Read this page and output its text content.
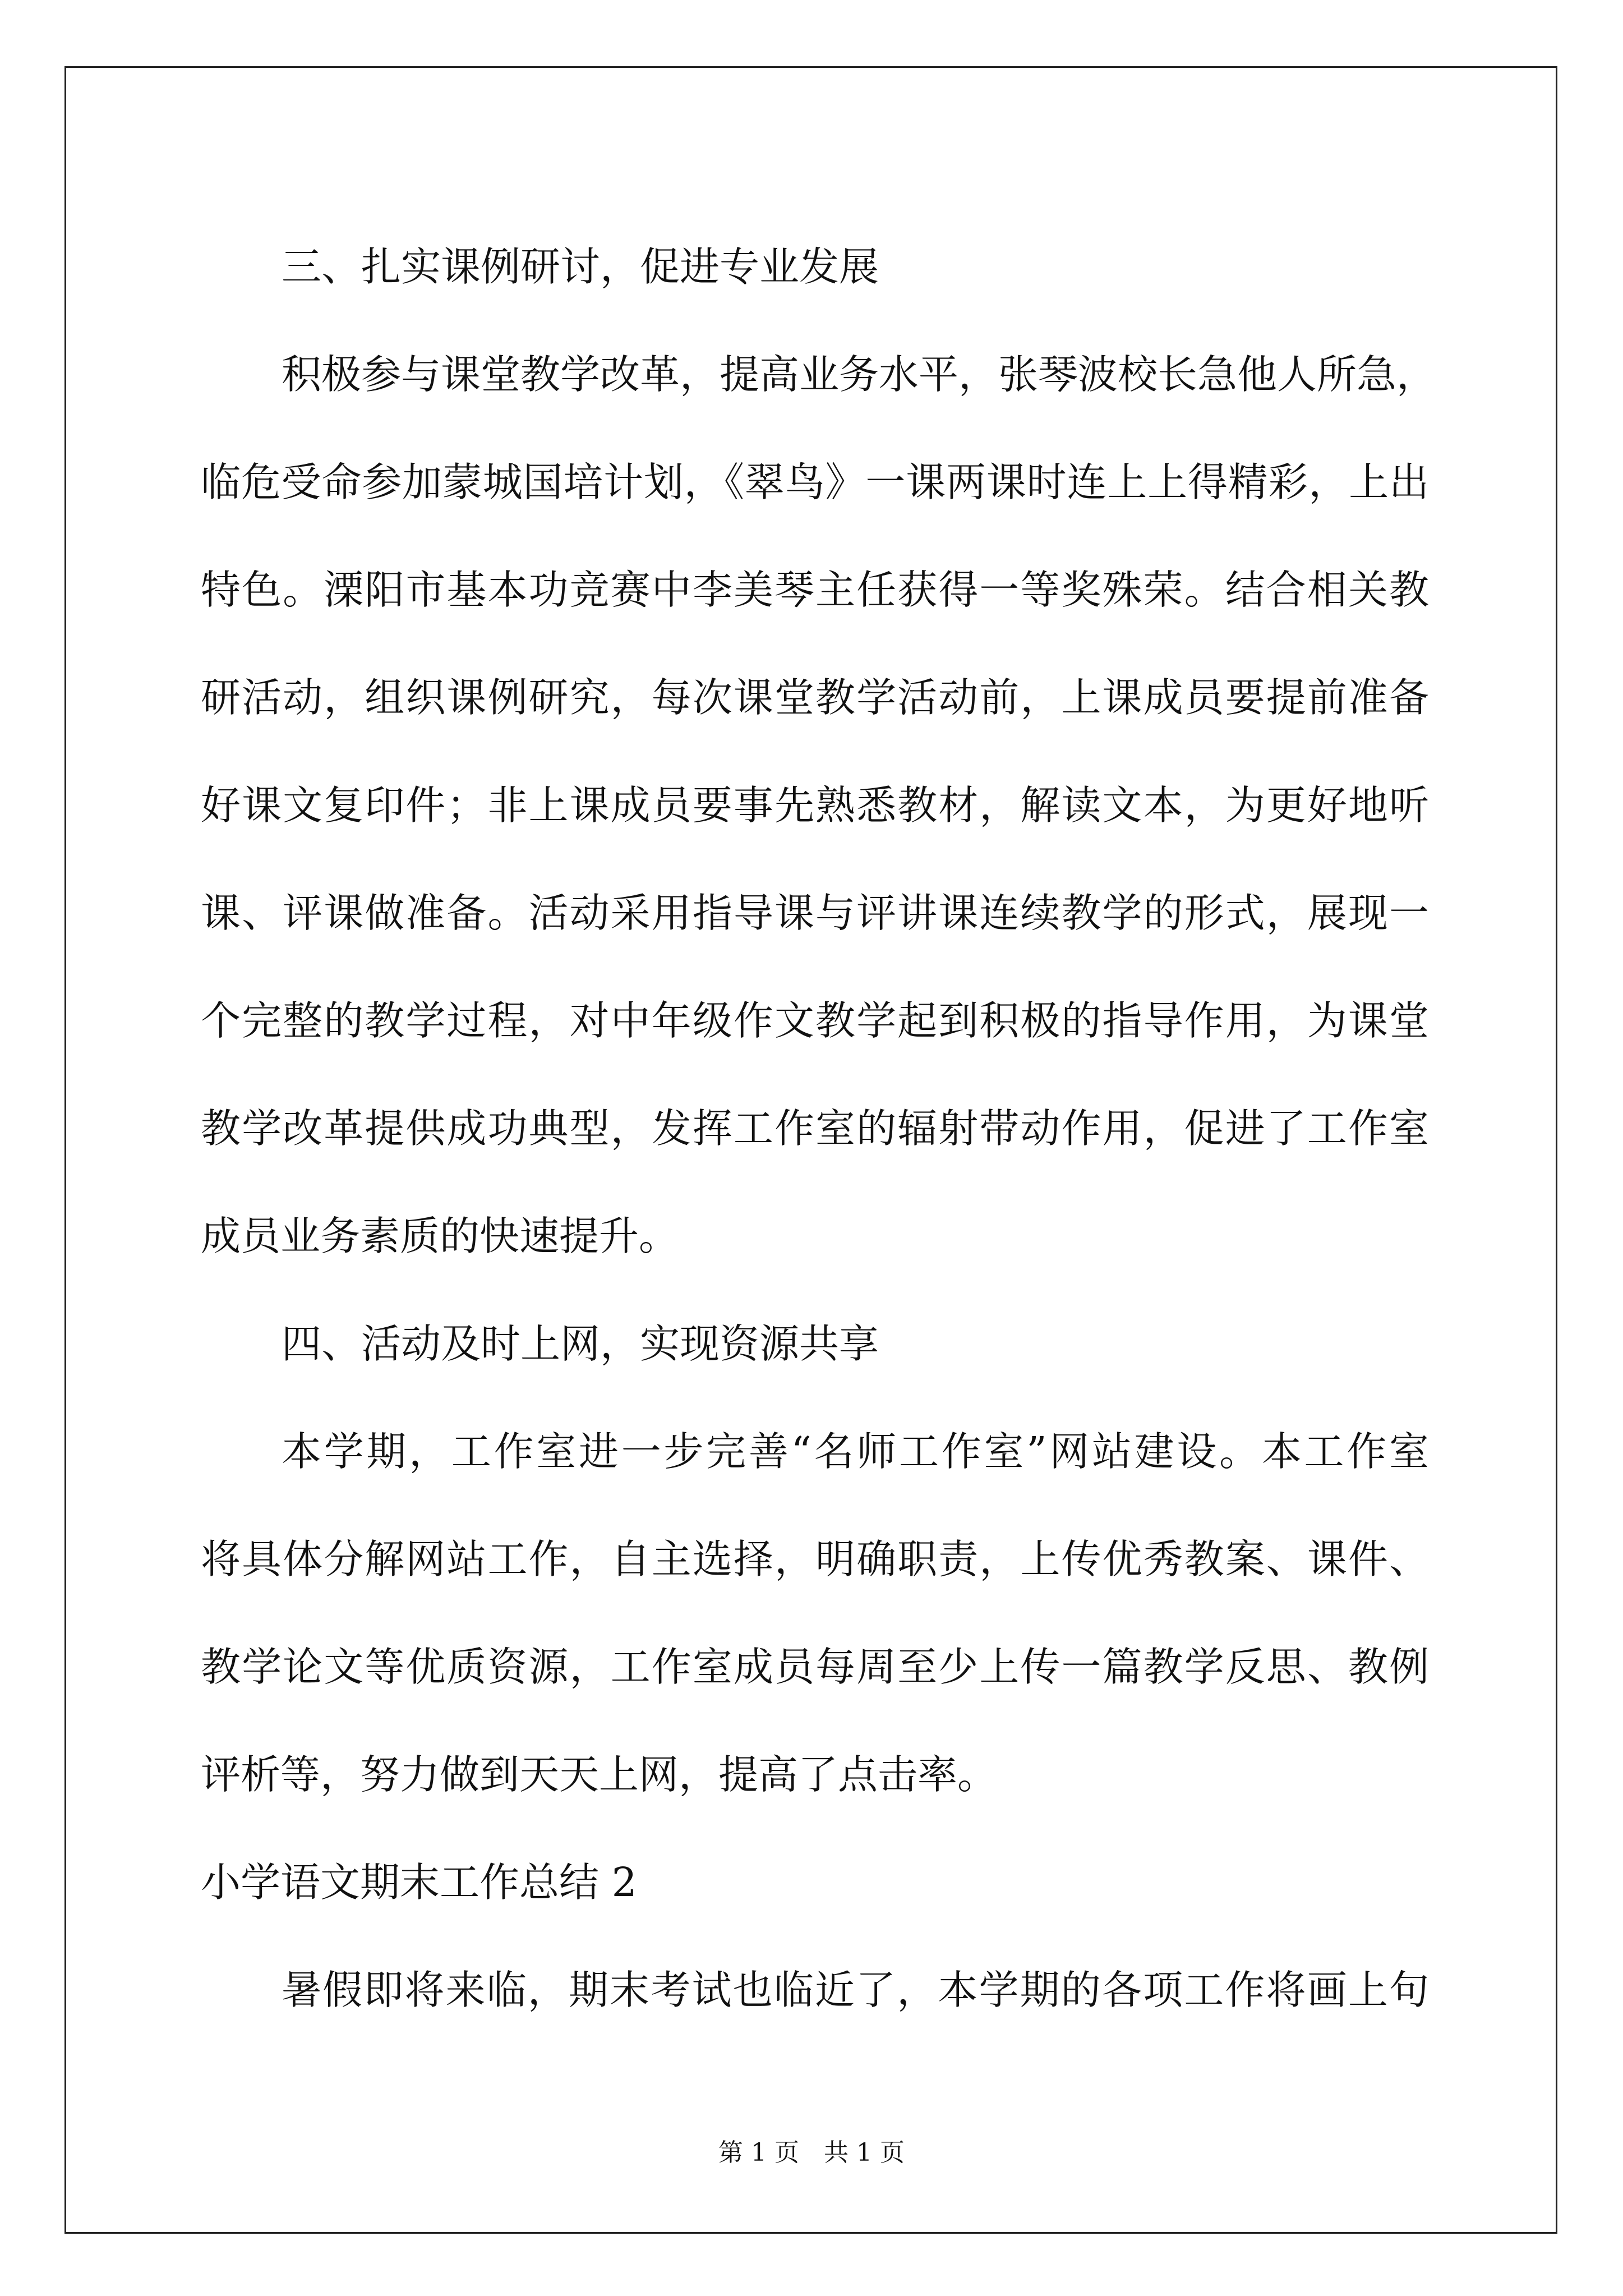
三、扎实课例研讨，促进专业发展
积极参与课堂教学改革，提高业务水平，张琴波校长急他人所急，
临危受命参加蒙城国培计划，《翠鸟》一课两课时连上上得精彩，上出
特色。溧阳市基本功竞赛中李美琴主任获得一等奖殊荣。结合相关教
研活动，组织课例研究，每次课堂教学活动前，上课成员要提前准备
好课文复印件；非上课成员要事先熟悉教材，解读文本，为更好地听
课、评课做准备。活动采用指导课与评讲课连续教学的形式，展现一
个完整的教学过程，对中年级作文教学起到积极的指导作用，为课堂
教学改革提供成功典型，发挥工作室的辐射带动作用，促进了工作室
成员业务素质的快速提升。
四、活动及时上网，实现资源共享
本学期，工作室进一步完善“名师工作室”网站建设。本工作室
将具体分解网站工作，自主选择，明确职责，上传优秀教案、课件、
教学论文等优质资源，工作室成员每周至少上传一篇教学反思、教例
评析等，努力做到天天上网，提高了点击率。
小学语文期末工作总结 2
暑假即将来临，期末考试也临近了，本学期的各项工作将画上句
第 1 页 共 1 页
